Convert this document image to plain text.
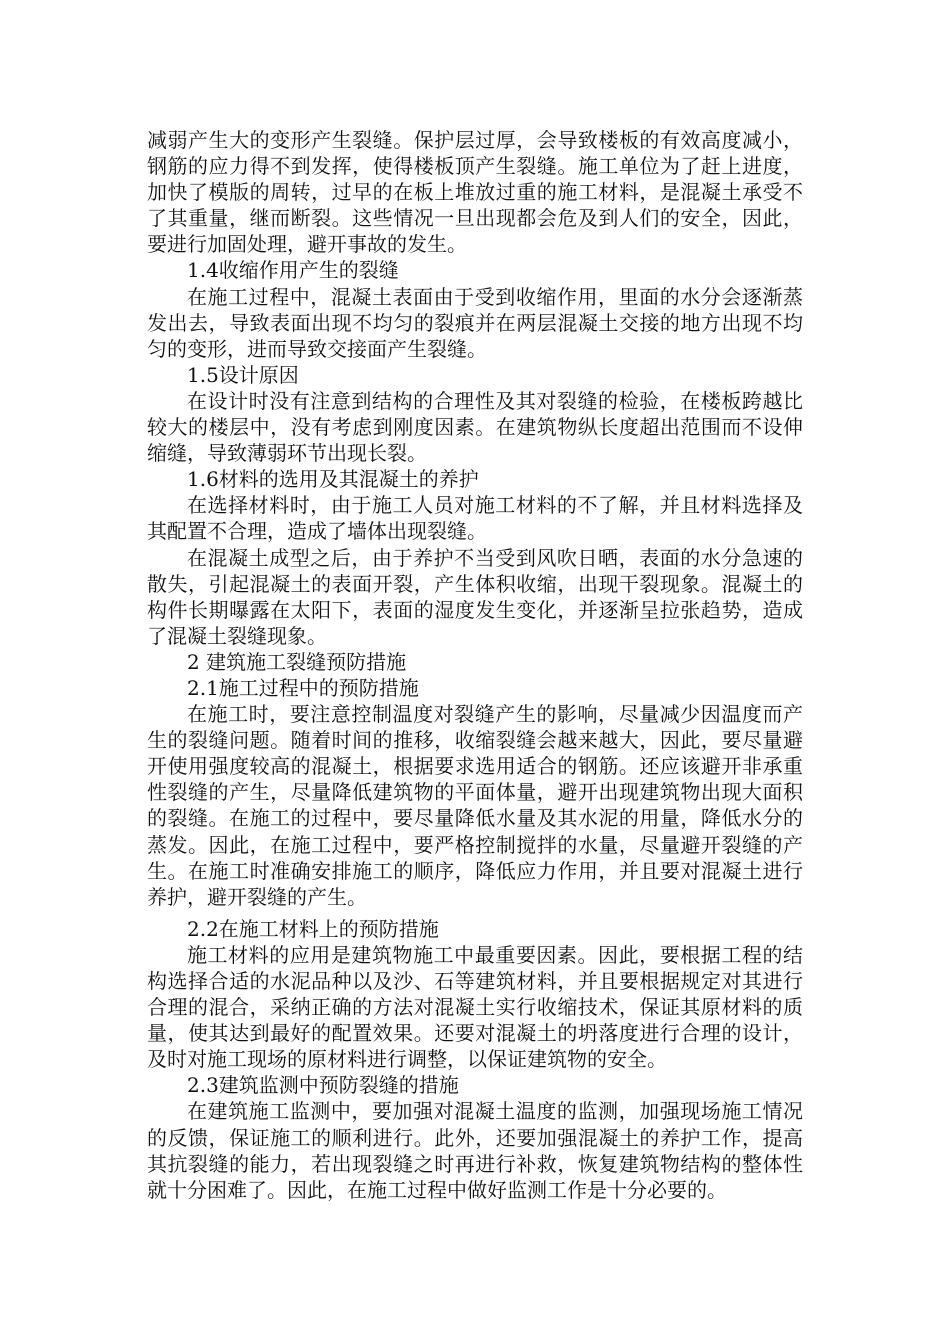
减弱产生大的变形产生裂缝。保护层过厚，会导致楼板的有效高度减小，钢筋的应力得不到发挥，使得楼板顶产生裂缝。施工单位为了赶上进度，加快了模版的周转，过早的在板上堆放过重的施工材料，是混凝土承受不了其重量，继而断裂。这些情况一旦出现都会危及到人们的安全，因此，要进行加固处理，避开事故的发生。

1.4收缩作用产生的裂缝

在施工过程中，混凝土表面由于受到收缩作用，里面的水分会逐渐蒸发出去，导致表面出现不均匀的裂痕并在两层混凝土交接的地方出现不均匀的变形，进而导致交接面产生裂缝。

1.5设计原因

在设计时没有注意到结构的合理性及其对裂缝的检验，在楼板跨越比较大的楼层中，没有考虑到刚度因素。在建筑物纵长度超出范围而不设伸缩缝，导致薄弱环节出现长裂。

1.6材料的选用及其混凝土的养护

在选择材料时，由于施工人员对施工材料的不了解，并且材料选择及其配置不合理，造成了墙体出现裂缝。

在混凝土成型之后，由于养护不当受到风吹日晒，表面的水分急速的散失，引起混凝土的表面开裂，产生体积收缩，出现干裂现象。混凝土的构件长期曝露在太阳下，表面的湿度发生变化，并逐渐呈拉张趋势，造成了混凝土裂缝现象。

2 建筑施工裂缝预防措施

2.1施工过程中的预防措施

在施工时，要注意控制温度对裂缝产生的影响，尽量减少因温度而产生的裂缝问题。随着时间的推移，收缩裂缝会越来越大，因此，要尽量避开使用强度较高的混凝土，根据要求选用适合的钢筋。还应该避开非承重性裂缝的产生，尽量降低建筑物的平面体量，避开出现建筑物出现大面积的裂缝。在施工的过程中，要尽量降低水量及其水泥的用量，降低水分的蒸发。因此，在施工过程中，要严格控制搅拌的水量，尽量避开裂缝的产生。在施工时准确安排施工的顺序，降低应力作用，并且要对混凝土进行养护，避开裂缝的产生。

2.2在施工材料上的预防措施

施工材料的应用是建筑物施工中最重要因素。因此，要根据工程的结构选择合适的水泥品种以及沙、石等建筑材料，并且要根据规定对其进行合理的混合，采纳正确的方法对混凝土实行收缩技术，保证其原材料的质量，使其达到最好的配置效果。还要对混凝土的坍落度进行合理的设计，及时对施工现场的原材料进行调整，以保证建筑物的安全。

2.3建筑监测中预防裂缝的措施

在建筑施工监测中，要加强对混凝土温度的监测，加强现场施工情况的反馈，保证施工的顺利进行。此外，还要加强混凝土的养护工作，提高其抗裂缝的能力，若出现裂缝之时再进行补救，恢复建筑物结构的整体性就十分困难了。因此，在施工过程中做好监测工作是十分必要的。
